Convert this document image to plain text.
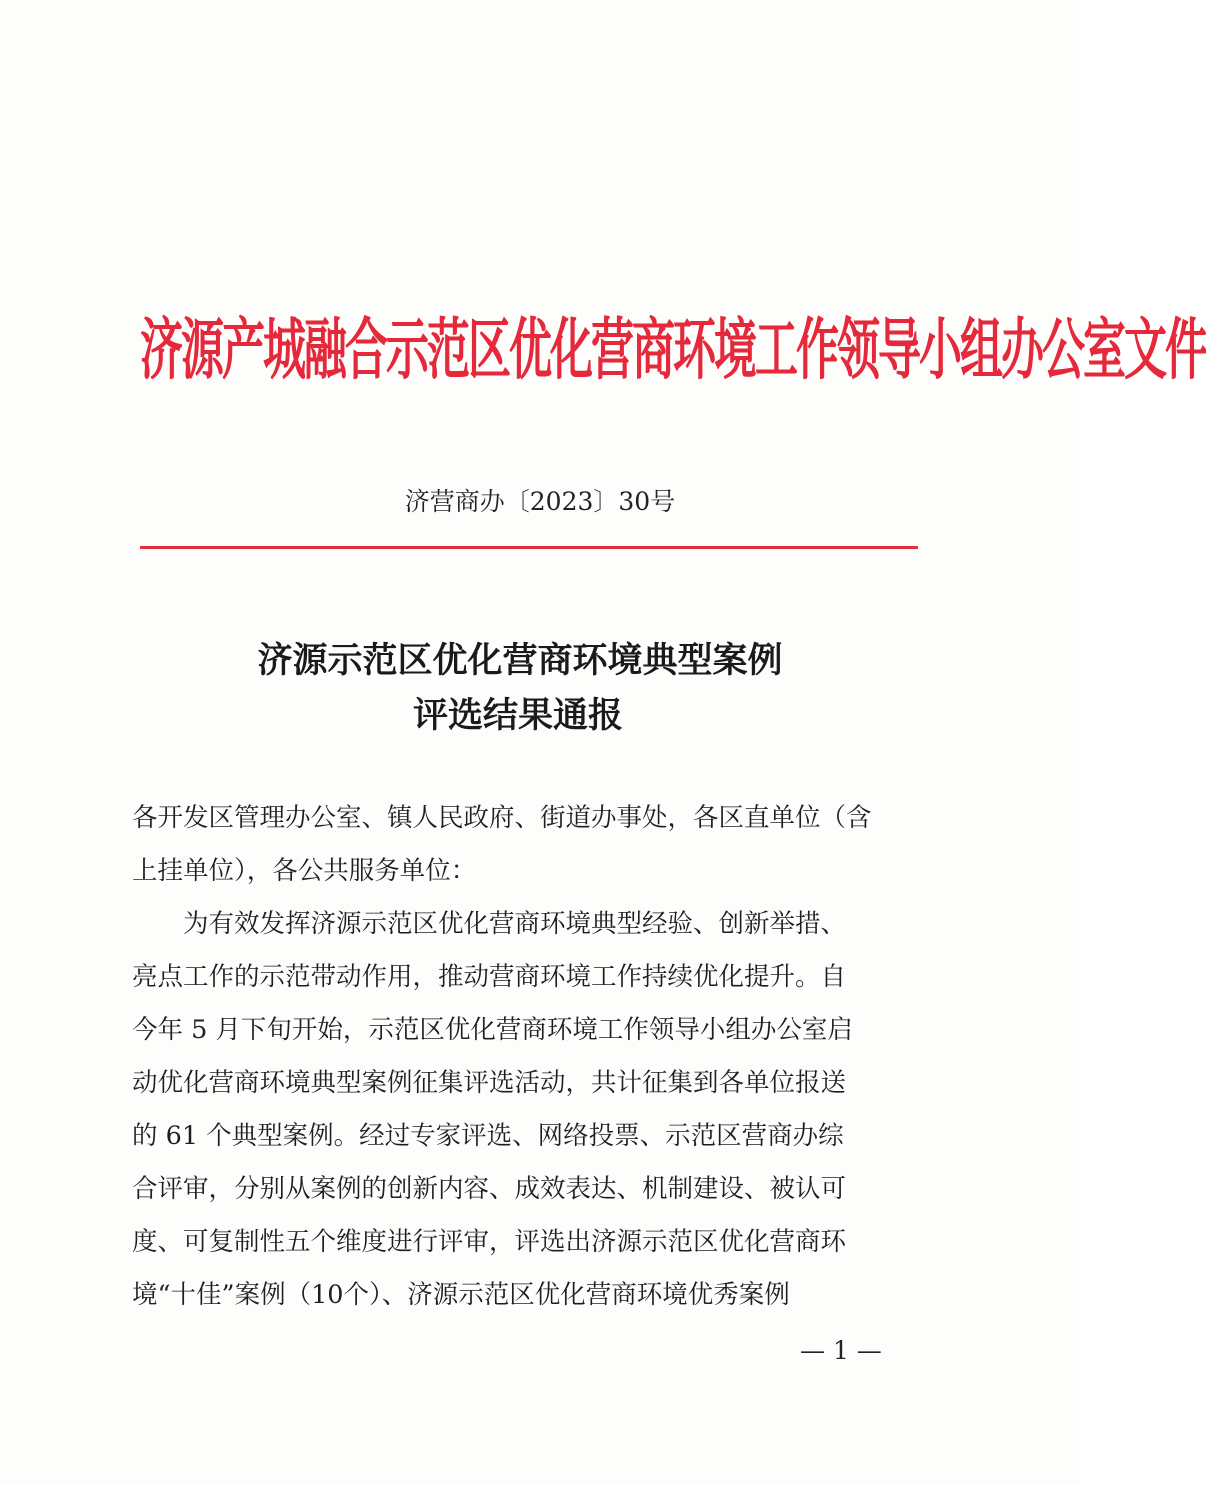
济源产城融合示范区优化营商环境工作领导小组办公室文件
济营商办〔2023〕30号
济源示范区优化营商环境典型案例
评选结果通报
各开发区管理办公室、镇人民政府、街道办事处，各区直单位（含
上挂单位），各公共服务单位：
　　为有效发挥济源示范区优化营商环境典型经验、创新举措、
亮点工作的示范带动作用，推动营商环境工作持续优化提升。自
今年 5 月下旬开始，示范区优化营商环境工作领导小组办公室启
动优化营商环境典型案例征集评选活动，共计征集到各单位报送
的 61 个典型案例。经过专家评选、网络投票、示范区营商办综
合评审，分别从案例的创新内容、成效表达、机制建设、被认可
度、可复制性五个维度进行评审，评选出济源示范区优化营商环
境“十佳”案例（10个）、济源示范区优化营商环境优秀案例
— 1 —
